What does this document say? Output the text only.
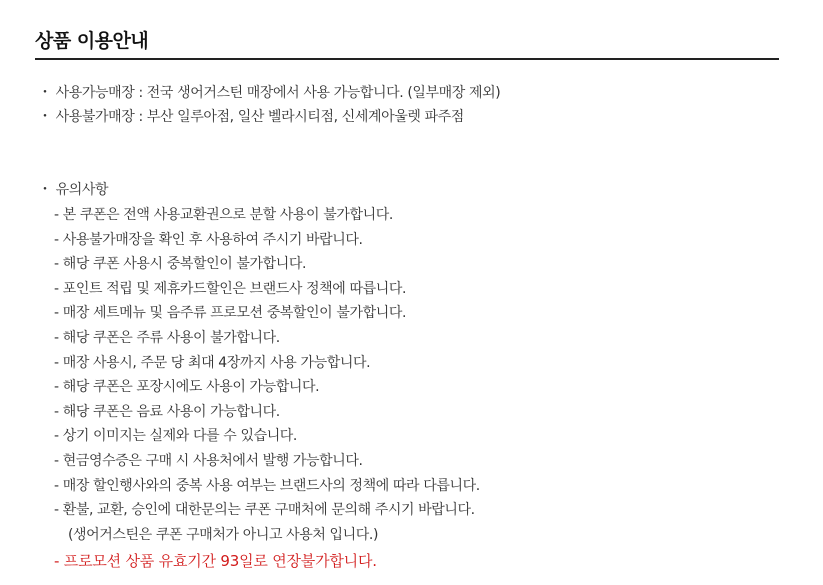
상품 이용안내
・ 사용가능매장 : 전국 생어거스틴 매장에서 사용 가능합니다. (일부매장 제외)
・ 사용불가매장 : 부산 일루아점, 일산 벨라시티점, 신세계아울렛 파주점
・ 유의사항
- 본 쿠폰은 전액 사용교환권으로 분할 사용이 불가합니다.
- 사용불가매장을 확인 후 사용하여 주시기 바랍니다.
- 해당 쿠폰 사용시 중복할인이 불가합니다.
- 포인트 적립 및 제휴카드할인은 브랜드사 정책에 따릅니다.
- 매장 세트메뉴 및 음주류 프로모션 중복할인이 불가합니다.
- 해당 쿠폰은 주류 사용이 불가합니다.
- 매장 사용시, 주문 당 최대 4장까지 사용 가능합니다.
- 해당 쿠폰은 포장시에도 사용이 가능합니다.
- 해당 쿠폰은 음료 사용이 가능합니다.
- 상기 이미지는 실제와 다를 수 있습니다.
- 현금영수증은 구매 시 사용처에서 발행 가능합니다.
- 매장 할인행사와의 중복 사용 여부는 브랜드사의 정책에 따라 다릅니다.
- 환불, 교환, 승인에 대한문의는 쿠폰 구매처에 문의해 주시기 바랍니다.
(생어거스틴은 쿠폰 구매처가 아니고 사용처 입니다.)
- 프로모션 상품 유효기간 93일로 연장불가합니다.
